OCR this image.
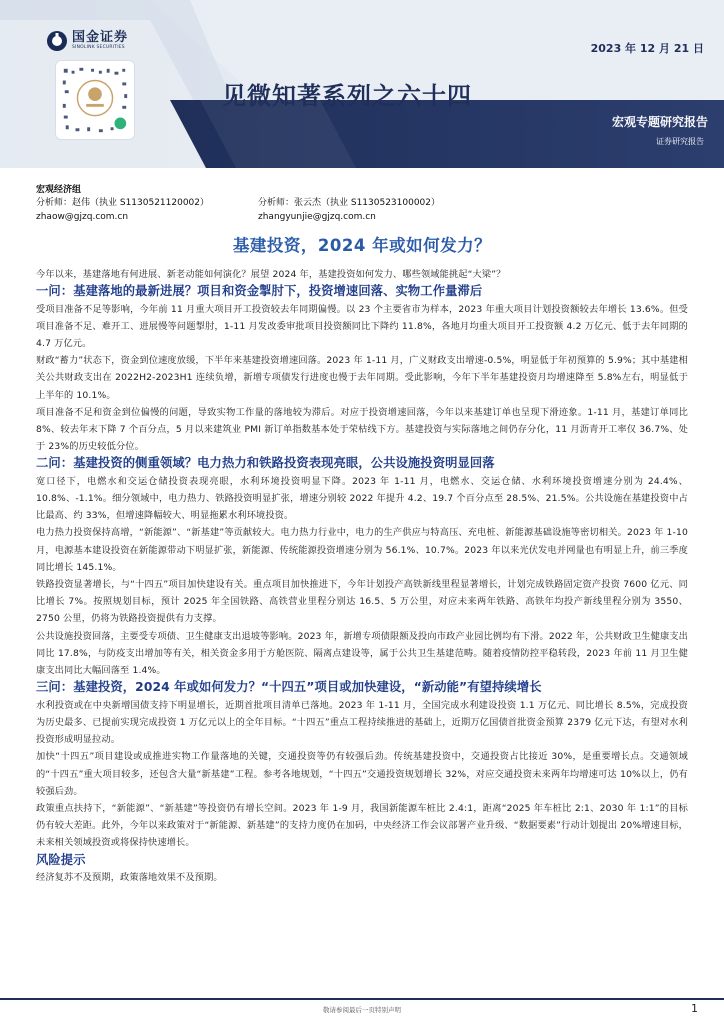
国金证券
SINOLINK SECURITIES	2023 年 12 月 21 日
见微知著系列之六十四
宏观专题研究报告
证券研究报告
宏观经济组
分析师：赵伟（执业 S1130521120002）	分析师：张云杰（执业 S1130523100002）
zhaow@gjzq.com.cn	zhangyunjie@gjzq.com.cn
基建投资，2024 年或如何发力？

今年以来，基建落地有何进展、新老动能如何演化？展望 2024 年，基建投资如何发力、哪些领域能挑起“大梁”？

一问：基建落地的最新进展？项目和资金掣肘下，投资增速回落、实物工作量滞后

受项目准备不足等影响，今年前 11 月重大项目开工投资较去年同期偏慢。以 23 个主要省市为样本，2023 年重大项目计划投资额较去年增长 13.6%。但受项目准备不足、难开工、进展慢等问题掣肘，1-11 月发改委审批项目投资额同比下降约 11.8%，各地月均重大项目开工投资额 4.2 万亿元、低于去年同期的 4.7 万亿元。

财政“蓄力”状态下，资金到位速度放缓，下半年来基建投资增速回落。2023 年 1-11 月，广义财政支出增速-0.5%，明显低于年初预算的 5.9%；其中基建相关公共财政支出在 2022H2-2023H1 连续负增，新增专项债发行进度也慢于去年同期。受此影响，今年下半年基建投资月均增速降至 5.8%左右，明显低于上半年的 10.1%。

项目准备不足和资金到位偏慢的问题，导致实物工作量的落地较为滞后。对应于投资增速回落，今年以来基建订单也呈现下滑迹象。1-11 月，基建订单同比 8%、较去年末下降 7 个百分点，5 月以来建筑业 PMI 新订单指数基本处于荣枯线下方。基建投资与实际落地之间仍存分化，11 月沥青开工率仅 36.7%、处于 23%的历史较低分位。

二问：基建投资的侧重领域？电力热力和铁路投资表现亮眼，公共设施投资明显回落

宽口径下，电燃水和交运仓储投资表现亮眼，水利环境投资明显下降。2023 年 1-11 月，电燃水、交运仓储、水利环境投资增速分别为 24.4%、10.8%、-1.1%。细分领域中，电力热力、铁路投资明显扩张，增速分别较 2022 年提升 4.2、19.7 个百分点至 28.5%、21.5%。公共设施在基建投资中占比最高、约 33%，但增速降幅较大、明显拖累水利环境投资。

电力热力投资保持高增，“新能源”、“新基建”等贡献较大。电力热力行业中，电力的生产供应与特高压、充电桩、新能源基础设施等密切相关。2023 年 1-10 月，电源基本建设投资在新能源带动下明显扩张，新能源、传统能源投资增速分别为 56.1%、10.7%。2023 年以来光伏发电并网量也有明显上升，前三季度同比增长 145.1%。

铁路投资显著增长，与“十四五”项目加快建设有关。重点项目加快推进下，今年计划投产高铁新线里程显著增长，计划完成铁路固定资产投资 7600 亿元、同比增长 7%。按照规划目标，预计 2025 年全国铁路、高铁营业里程分别达 16.5、5 万公里，对应未来两年铁路、高铁年均投产新线里程分别为 3550、2750 公里，仍将为铁路投资提供有力支撑。

公共设施投资回落，主要受专项债、卫生健康支出退坡等影响。2023 年，新增专项债限额及投向市政产业园比例均有下滑。2022 年，公共财政卫生健康支出同比 17.8%，与防疫支出增加等有关，相关资金多用于方舱医院、隔离点建设等，属于公共卫生基建范畴。随着疫情防控平稳转段，2023 年前 11 月卫生健康支出同比大幅回落至 1.4%。

三问：基建投资，2024 年或如何发力？“十四五”项目或加快建设，“新动能”有望持续增长

水利投资或在中央新增国债支持下明显增长，近期首批项目清单已落地。2023 年 1-11 月，全国完成水利建设投资 1.1 万亿元、同比增长 8.5%，完成投资为历史最多、已提前实现完成投资 1 万亿元以上的全年目标。“十四五”重点工程持续推进的基础上，近期万亿国债首批资金预算 2379 亿元下达，有望对水利投资形成明显拉动。

加快“十四五”项目建设或成推进实物工作量落地的关键，交通投资等仍有较强后劲。传统基建投资中，交通投资占比接近 30%，是重要增长点。交通领域的“十四五”重大项目较多，还包含大量“新基建”工程。参考各地规划，“十四五”交通投资规划增长 32%，对应交通投资未来两年均增速可达 10%以上，仍有较强后劲。

政策重点扶持下，“新能源”、“新基建”等投资仍有增长空间。2023 年 1-9 月，我国新能源车桩比 2.4:1，距离“2025 年车桩比 2:1、2030 年 1:1”的目标仍有较大差距。此外，今年以来政策对于“新能源、新基建”的支持力度仍在加码，中央经济工作会议部署产业升级、“数据要素”行动计划提出 20%增速目标，未来相关领域投资或将保持快速增长。

风险提示

经济复苏不及预期，政策落地效果不及预期。

敬请参阅最后一页特别声明	1
